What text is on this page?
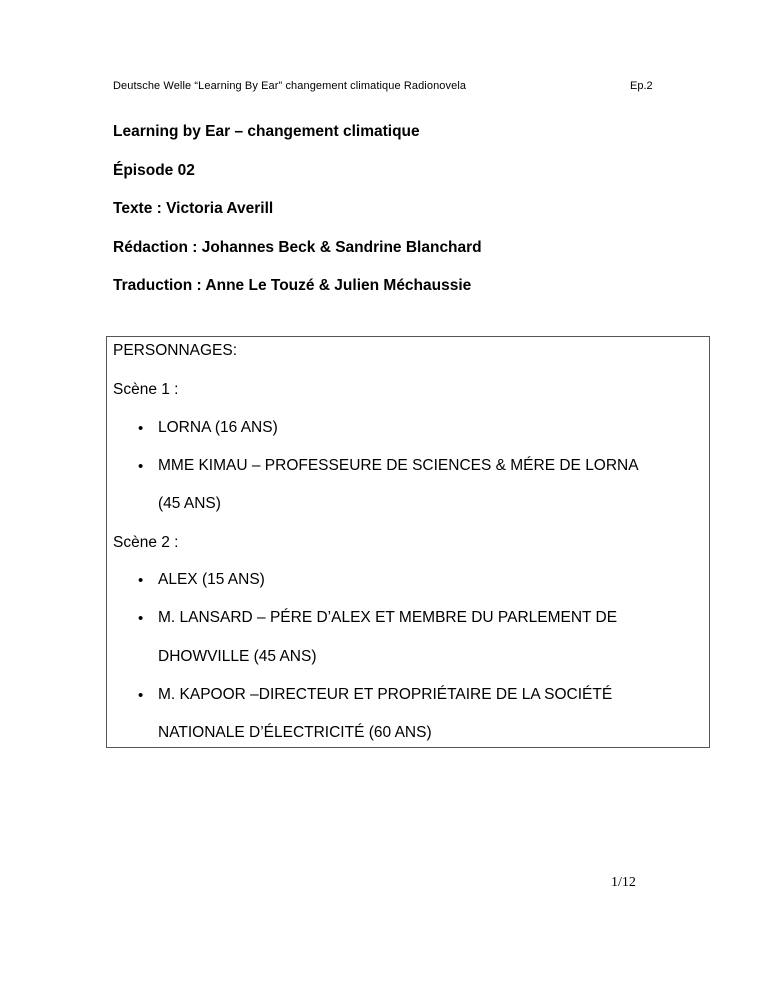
Deutsche Welle “Learning By Ear” changement climatique Radionovela	Ep.2
Learning by Ear – changement climatique
Épisode 02
Texte : Victoria Averill
Rédaction : Johannes Beck & Sandrine Blanchard
Traduction : Anne Le Touzé & Julien Méchaussie
PERSONNAGES:
Scène 1 :
• LORNA (16 ANS)
• MME KIMAU – PROFESSEURE DE SCIENCES & MÉRE DE LORNA
(45 ANS)
Scène 2 :
• ALEX (15 ANS)
• M. LANSARD – PÉRE D’ALEX ET MEMBRE DU PARLEMENT DE
DHOWVILLE (45 ANS)
• M. KAPOOR –DIRECTEUR ET PROPRIÉTAIRE DE LA SOCIÉTÉ
NATIONALE D’ÉLECTRICITÉ (60 ANS)
1/12
